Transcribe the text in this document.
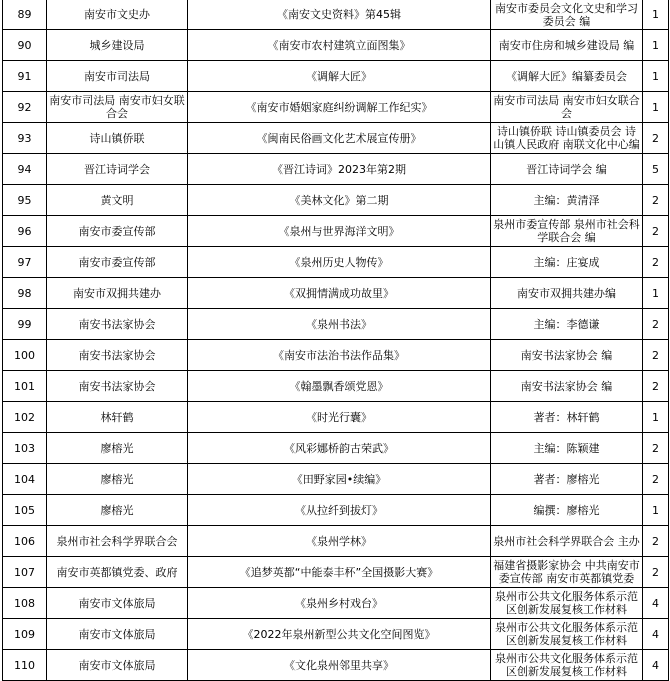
89	南安市文史办	《南安文史资料》第45辑	南安市委员会文化文史和学习委员会 编	1

90	城乡建设局	《南安市农村建筑立面图集》	南安市住房和城乡建设局 编	1

91	南安市司法局	《调解大匠》	《调解大匠》编纂委员会	1

92	南安市司法局 南安市妇女联合会	《南安市婚姻家庭纠纷调解工作纪实》	南安市司法局 南安市妇女联合会	1

93	诗山镇侨联	《闽南民俗画文化艺术展宣传册》	诗山镇侨联 诗山镇委员会 诗山镇人民政府 南联文化中心编	2

94	晋江诗词学会	《晋江诗词》2023年第2期	晋江诗词学会 编	5

95	黄文明	《美林文化》第二期	主编：黄清泽	2

96	南安市委宣传部	《泉州与世界海洋文明》	泉州市委宣传部 泉州市社会科学联合会 编	2

97	南安市委宣传部	《泉州历史人物传》	主编：庄宴成	2

98	南安市双拥共建办	《双拥情满成功故里》	南安市双拥共建办编	1

99	南安书法家协会	《泉州书法》	主编：李德谦	2

100	南安书法家协会	《南安市法治书法作品集》	南安书法家协会 编	2

101	南安书法家协会	《翰墨飘香颂党恩》	南安书法家协会 编	2

102	林轩鹤	《时光行囊》	著者：林轩鹤	1

103	廖榕光	《风彩娜桥韵古荣武》	主编：陈颖建	2

104	廖榕光	《田野家园•续编》	著者：廖榕光	2

105	廖榕光	《从拉纤到拔灯》	编撰：廖榕光	1

106	泉州市社会科学界联合会	《泉州学林》	泉州市社会科学界联合会 主办	2

107	南安市英都镇党委、政府	《追梦英都“中能泰丰杯”全国摄影大赛》	福建省摄影家协会 中共南安市委宣传部 南安市英都镇党委	2

108	南安市文体旅局	《泉州乡村戏台》	泉州市公共文化服务体系示范区创新发展复核工作材料	4

109	南安市文体旅局	《2022年泉州新型公共文化空间图览》	泉州市公共文化服务体系示范区创新发展复核工作材料	4

110	南安市文体旅局	《文化泉州邻里共享》	泉州市公共文化服务体系示范区创新发展复核工作材料	4
